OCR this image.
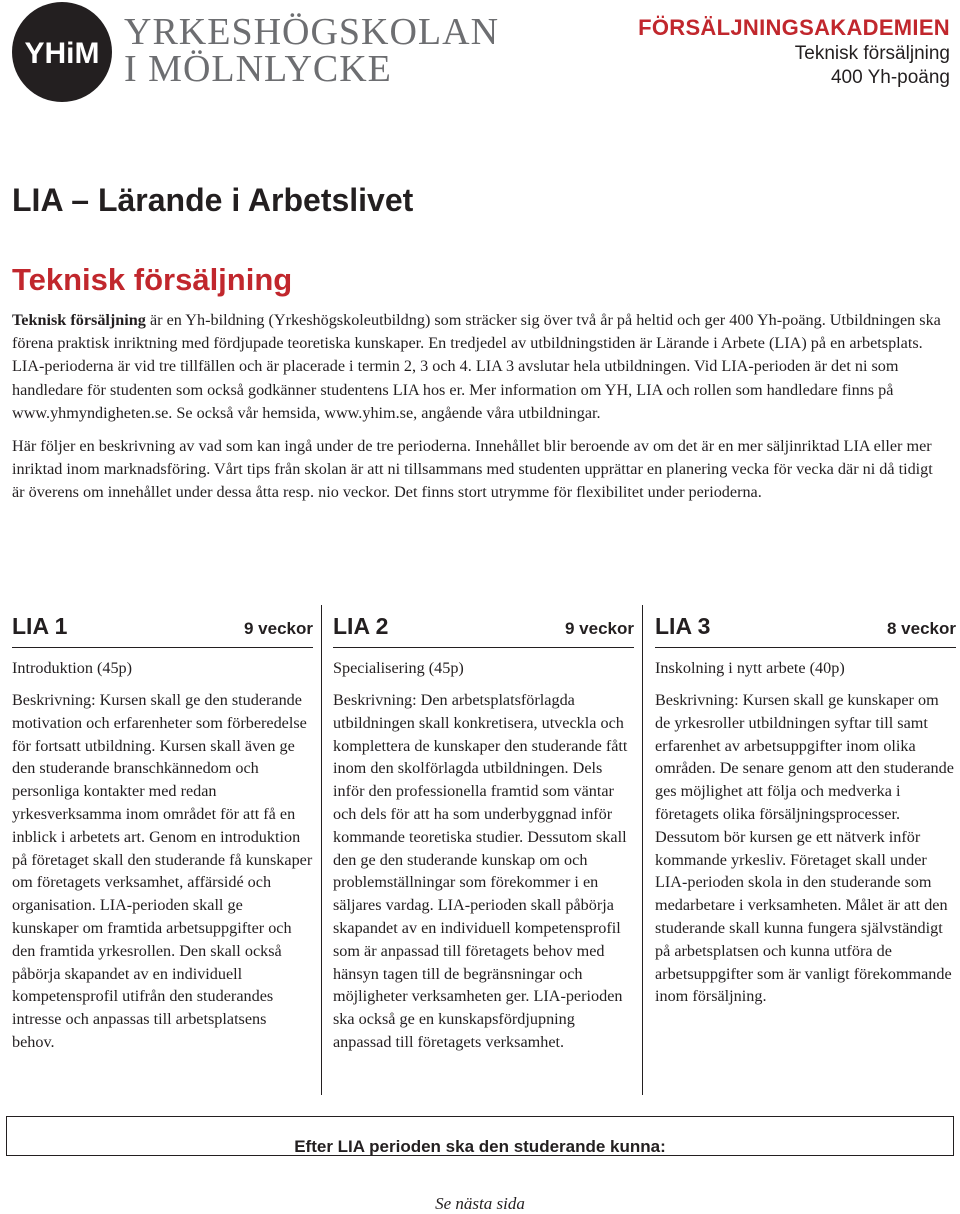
YHiM
YRKESHÖGSKOLAN
I MÖLNLYCKE
FÖRSÄLJNINGSAKADEMIEN
Teknisk försäljning
400 Yh-poäng
LIA – Lärande i Arbetslivet
Teknisk försäljning

Teknisk försäljning är en Yh-bildning (Yrkeshögskoleutbildng) som sträcker sig över två år på heltid och ger 400 Yh-poäng. Utbildningen ska förena praktisk inriktning med fördjupade teoretiska kunskaper. En tredjedel av utbildningstiden är Lärande i Arbete (LIA) på en arbetsplats. LIA-perioderna är vid tre tillfällen och är placerade i termin 2, 3 och 4. LIA 3 avslutar hela utbildningen. Vid LIA-perioden är det ni som handledare för studenten som också godkänner studentens LIA hos er. Mer information om YH, LIA och rollen som handledare finns på www.yhmyndigheten.se. Se också vår hemsida, www.yhim.se, angående våra utbildningar.

Här följer en beskrivning av vad som kan ingå under de tre perioderna. Innehållet blir beroende av om det är en mer säljinriktad LIA eller mer inriktad inom marknadsföring. Vårt tips från skolan är att ni tillsammans med studenten upprättar en planering vecka för vecka där ni då tidigt är överens om innehållet under dessa åtta resp. nio veckor. Det finns stort utrymme för flexibilitet under perioderna.

LIA 1	9 veckor
Introduktion (45p)
Beskrivning: Kursen skall ge den studerande motivation och erfarenheter som förberedelse för fortsatt utbildning. Kursen skall även ge den studerande branschkännedom och personliga kontakter med redan yrkesverksamma inom området för att få en inblick i arbetets art. Genom en introduktion på företaget skall den studerande få kunskaper om företagets verksamhet, affärsidé och organisation. LIA-perioden skall ge kunskaper om framtida arbetsuppgifter och den framtida yrkesrollen. Den skall också påbörja skapandet av en individuell kompetensprofil utifrån den studerandes intresse och anpassas till arbetsplatsens behov.
LIA 2	9 veckor
Specialisering (45p)
Beskrivning: Den arbetsplatsförlagda utbildningen skall konkretisera, utveckla och komplettera de kunskaper den studerande fått inom den skolförlagda utbildningen. Dels inför den professionella framtid som väntar och dels för att ha som underbyggnad inför kommande teoretiska studier. Dessutom skall den ge den studerande kunskap om och problemställningar som förekommer i en säljares vardag. LIA-perioden skall påbörja skapandet av en individuell kompetensprofil som är anpassad till företagets behov med hänsyn tagen till de begränsningar och möjligheter verksamheten ger. LIA-perioden ska också ge en kunskapsfördjupning anpassad till företagets verksamhet.
LIA 3	8 veckor
Inskolning i nytt arbete (40p)
Beskrivning: Kursen skall ge kunskaper om de yrkesroller utbildningen syftar till samt erfarenhet av arbetsuppgifter inom olika områden. De senare genom att den studerande ges möjlighet att följa och medverka i företagets olika försäljningsprocesser. Dessutom bör kursen ge ett nätverk inför kommande yrkesliv. Företaget skall under LIA-perioden skola in den studerande som medarbetare i verksamheten. Målet är att den studerande skall kunna fungera självständigt på arbetsplatsen och kunna utföra de arbetsuppgifter som är vanligt förekommande inom försäljning.
Efter LIA perioden ska den studerande kunna:
Se nästa sida
